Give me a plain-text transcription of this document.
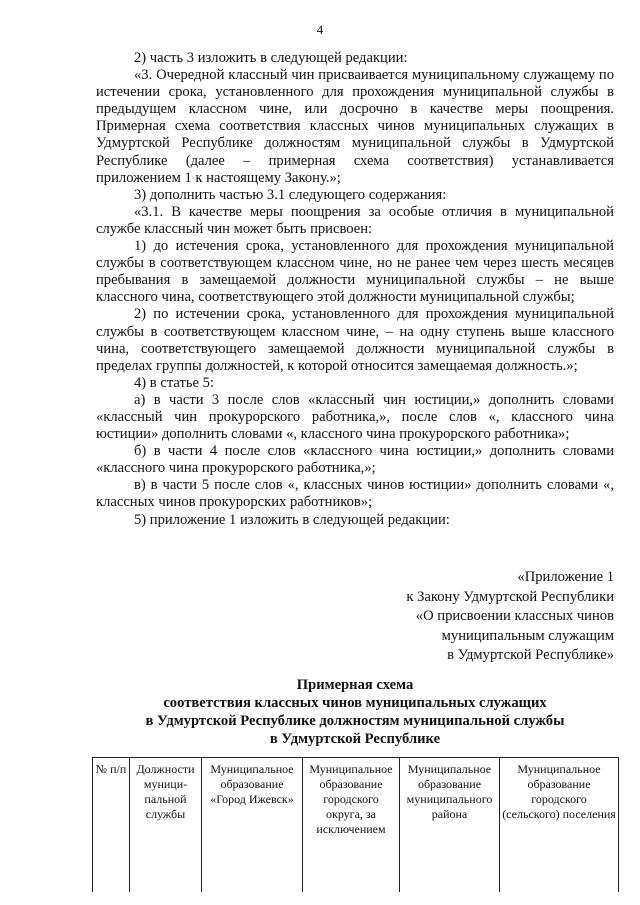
4

2) часть 3 изложить в следующей редакции:

«3. Очередной классный чин присваивается муниципальному служащему по истечении срока, установленного для прохождения муниципальной службы в предыдущем классном чине, или досрочно в качестве меры поощрения. Примерная схема соответствия классных чинов муниципальных служащих в Удмуртской Республике должностям муниципальной службы в Удмуртской Республике (далее – примерная схема соответствия) устанавливается приложением 1 к настоящему Закону.»;

3) дополнить частью 3.1 следующего содержания:

«3.1. В качестве меры поощрения за особые отличия в муниципальной службе классный чин может быть присвоен:

1) до истечения срока, установленного для прохождения муниципальной службы в соответствующем классном чине, но не ранее чем через шесть месяцев пребывания в замещаемой должности муниципальной службы – не выше классного чина, соответствующего этой должности муниципальной службы;

2) по истечении срока, установленного для прохождения муниципальной службы в соответствующем классном чине, – на одну ступень выше классного чина, соответствующего замещаемой должности муниципальной службы в пределах группы должностей, к которой относится замещаемая должность.»;

4) в статье 5:

а) в части 3 после слов «классный чин юстиции,» дополнить словами «классный чин прокурорского работника,», после слов «, классного чина юстиции» дополнить словами «, классного чина прокурорского работника»;

б) в части 4 после слов «классного чина юстиции,» дополнить словами «классного чина прокурорского работника,»;

в) в части 5 после слов «, классных чинов юстиции» дополнить словами «, классных чинов прокурорских работников»;

5) приложение 1 изложить в следующей редакции:

«Приложение 1
к Закону Удмуртской Республики
«О присвоении классных чинов
муниципальным служащим
в Удмуртской Республике»
Примерная схема
соответствия классных чинов муниципальных служащих
в Удмуртской Республике должностям муниципальной службы
в Удмуртской Республике
№ п/п	Должности муници-пальной службы	Муниципальное образование «Город Ижевск»	Муниципальное образование городского округа, за исключением	Муниципальное образование муниципального района	Муниципальное образование городского (сельского) поселения
